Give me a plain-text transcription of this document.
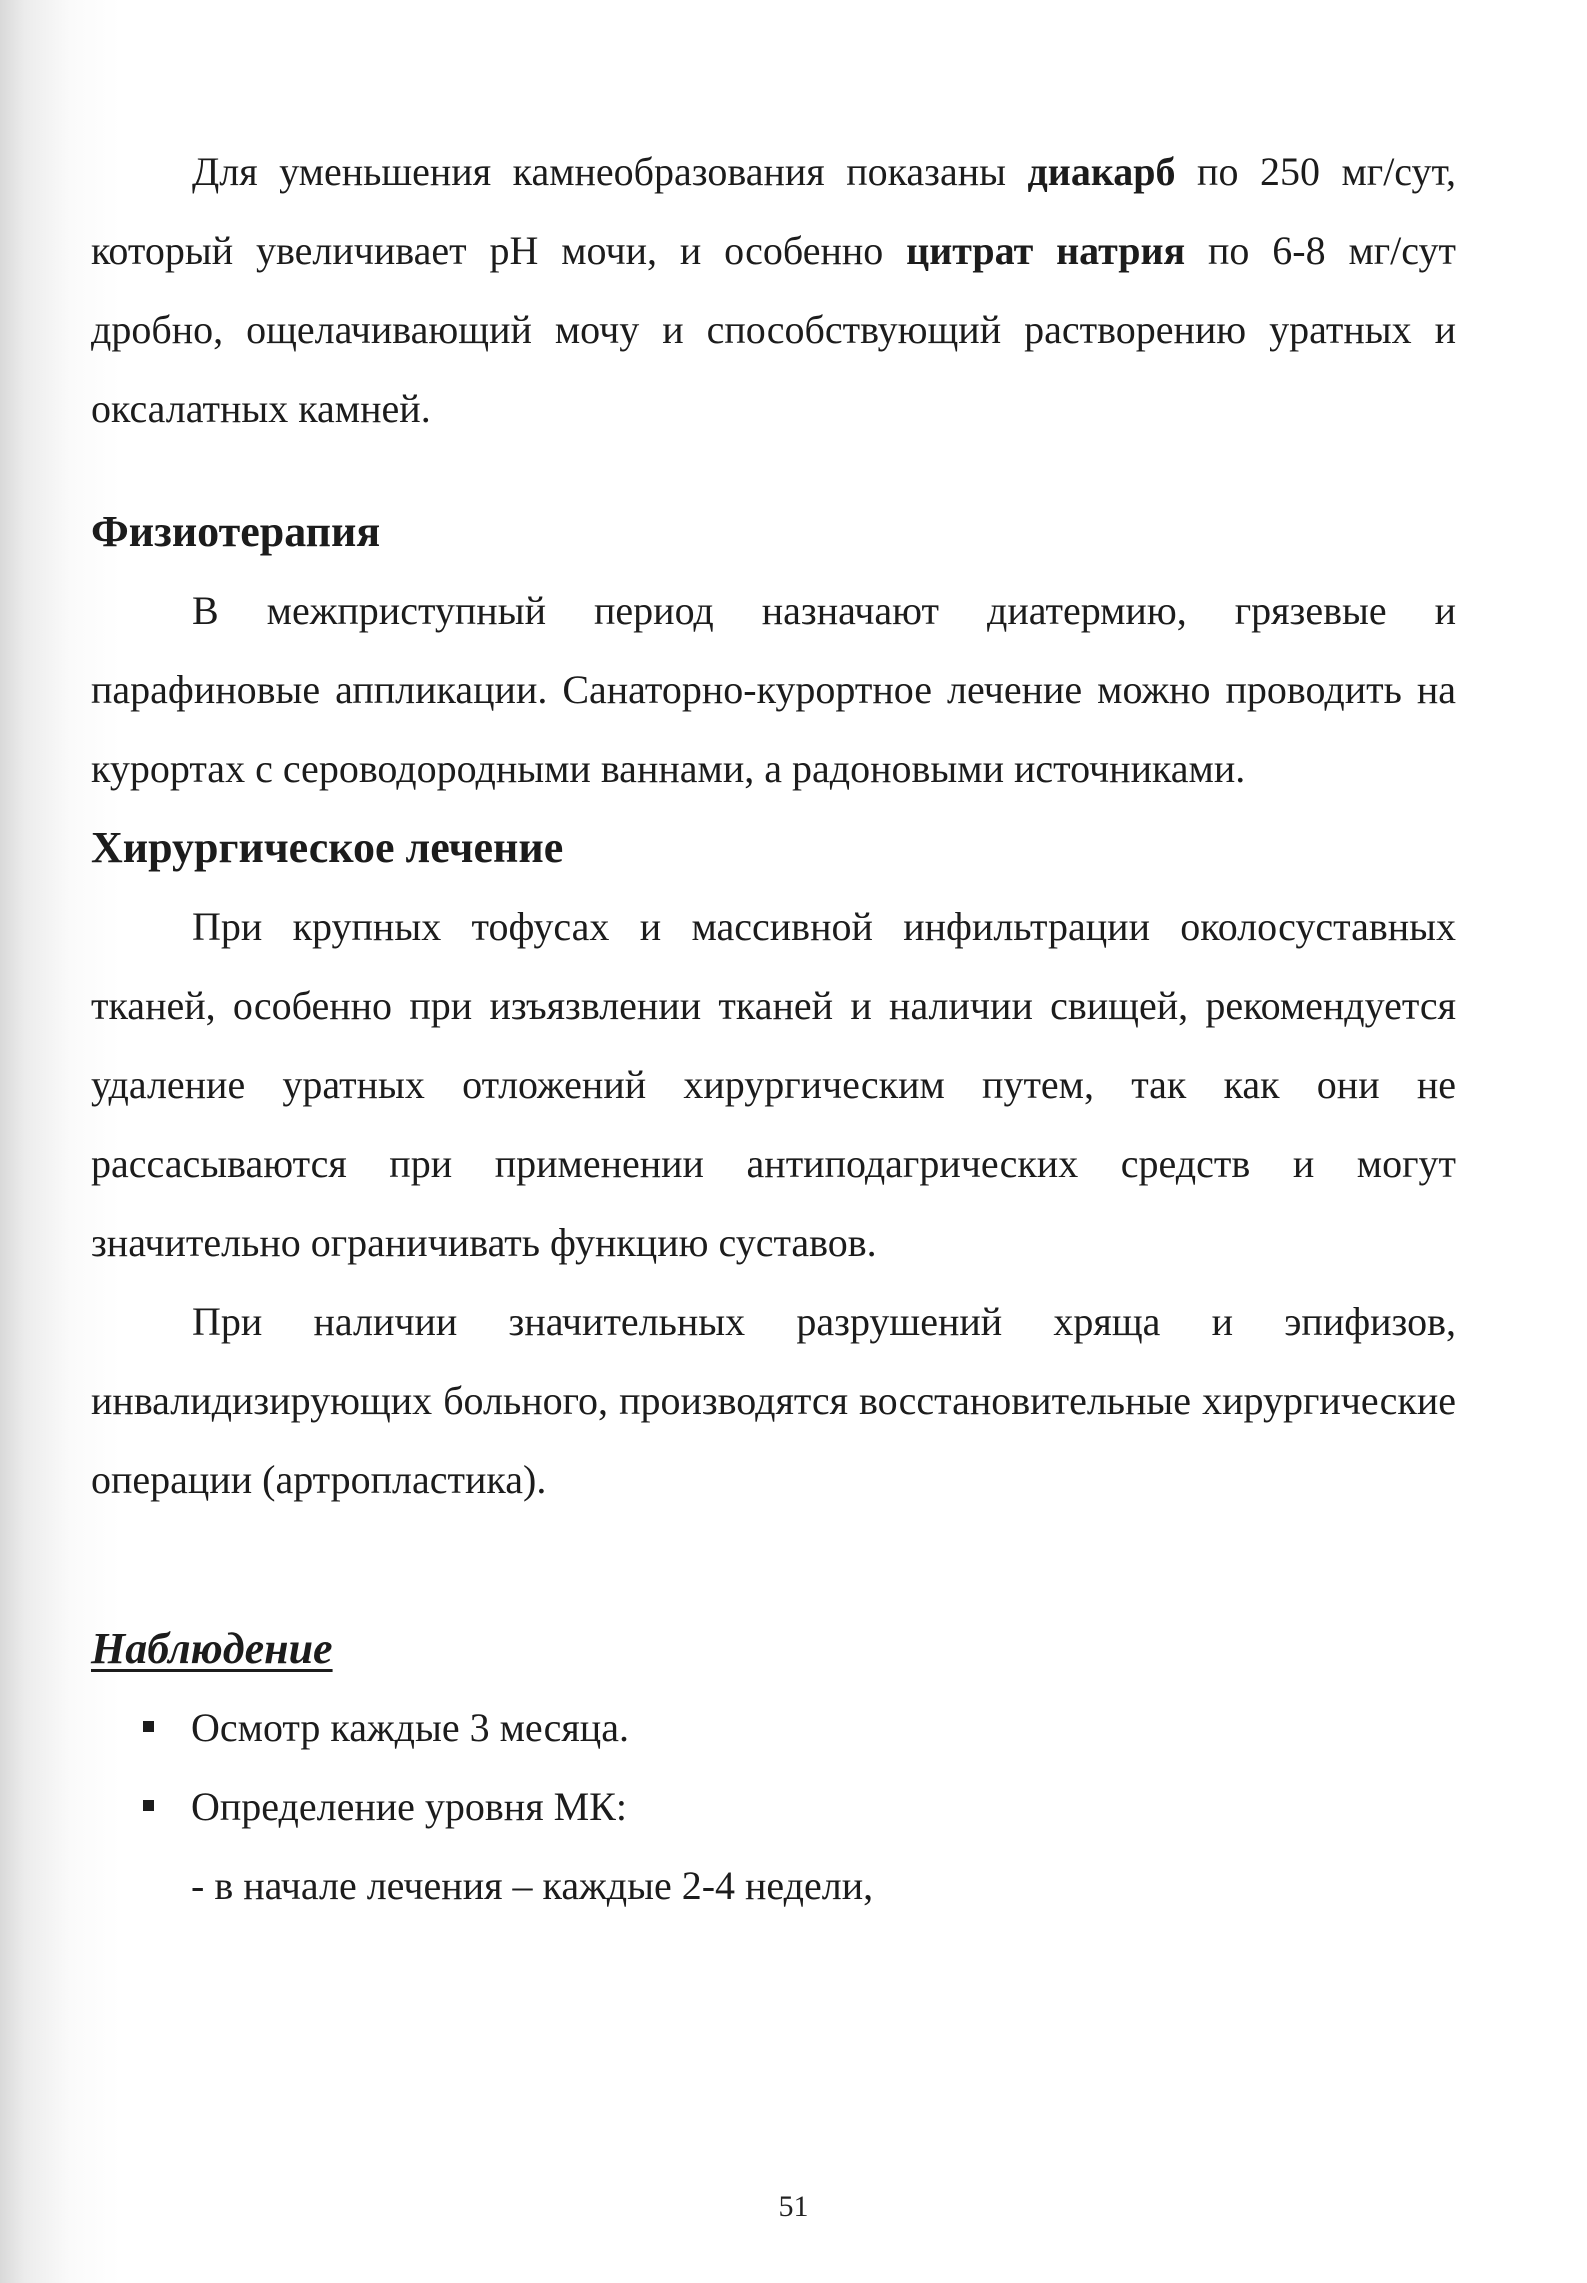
Для уменьшения камнеобразования показаны диакарб по 250 мг/сут, который увеличивает pH мочи, и особенно цитрат натрия по 6-8 мг/сут дробно, ощелачивающий мочу и способствующий растворению уратных и оксалатных камней.

Физиотерапия

В межприступный период назначают диатермию, грязевые и парафиновые аппликации. Санаторно-курортное лечение можно проводить на курортах с сероводородными ваннами, а радоновыми источниками.

Хирургическое лечение

При крупных тофусах и массивной инфильтрации околосуставных тканей, особенно при изъязвлении тканей и наличии свищей, рекомендуется удаление уратных отложений хирургическим путем, так как они не рассасываются при применении антиподагрических средств и могут значительно ограничивать функцию суставов.

При наличии значительных разрушений хряща и эпифизов, инвалидизирующих больного, производятся восстановительные хирургические операции (артропластика).

Наблюдение
Осмотр каждые 3 месяца.
Определение уровня МК:
- в начале лечения – каждые 2-4 недели,
51
